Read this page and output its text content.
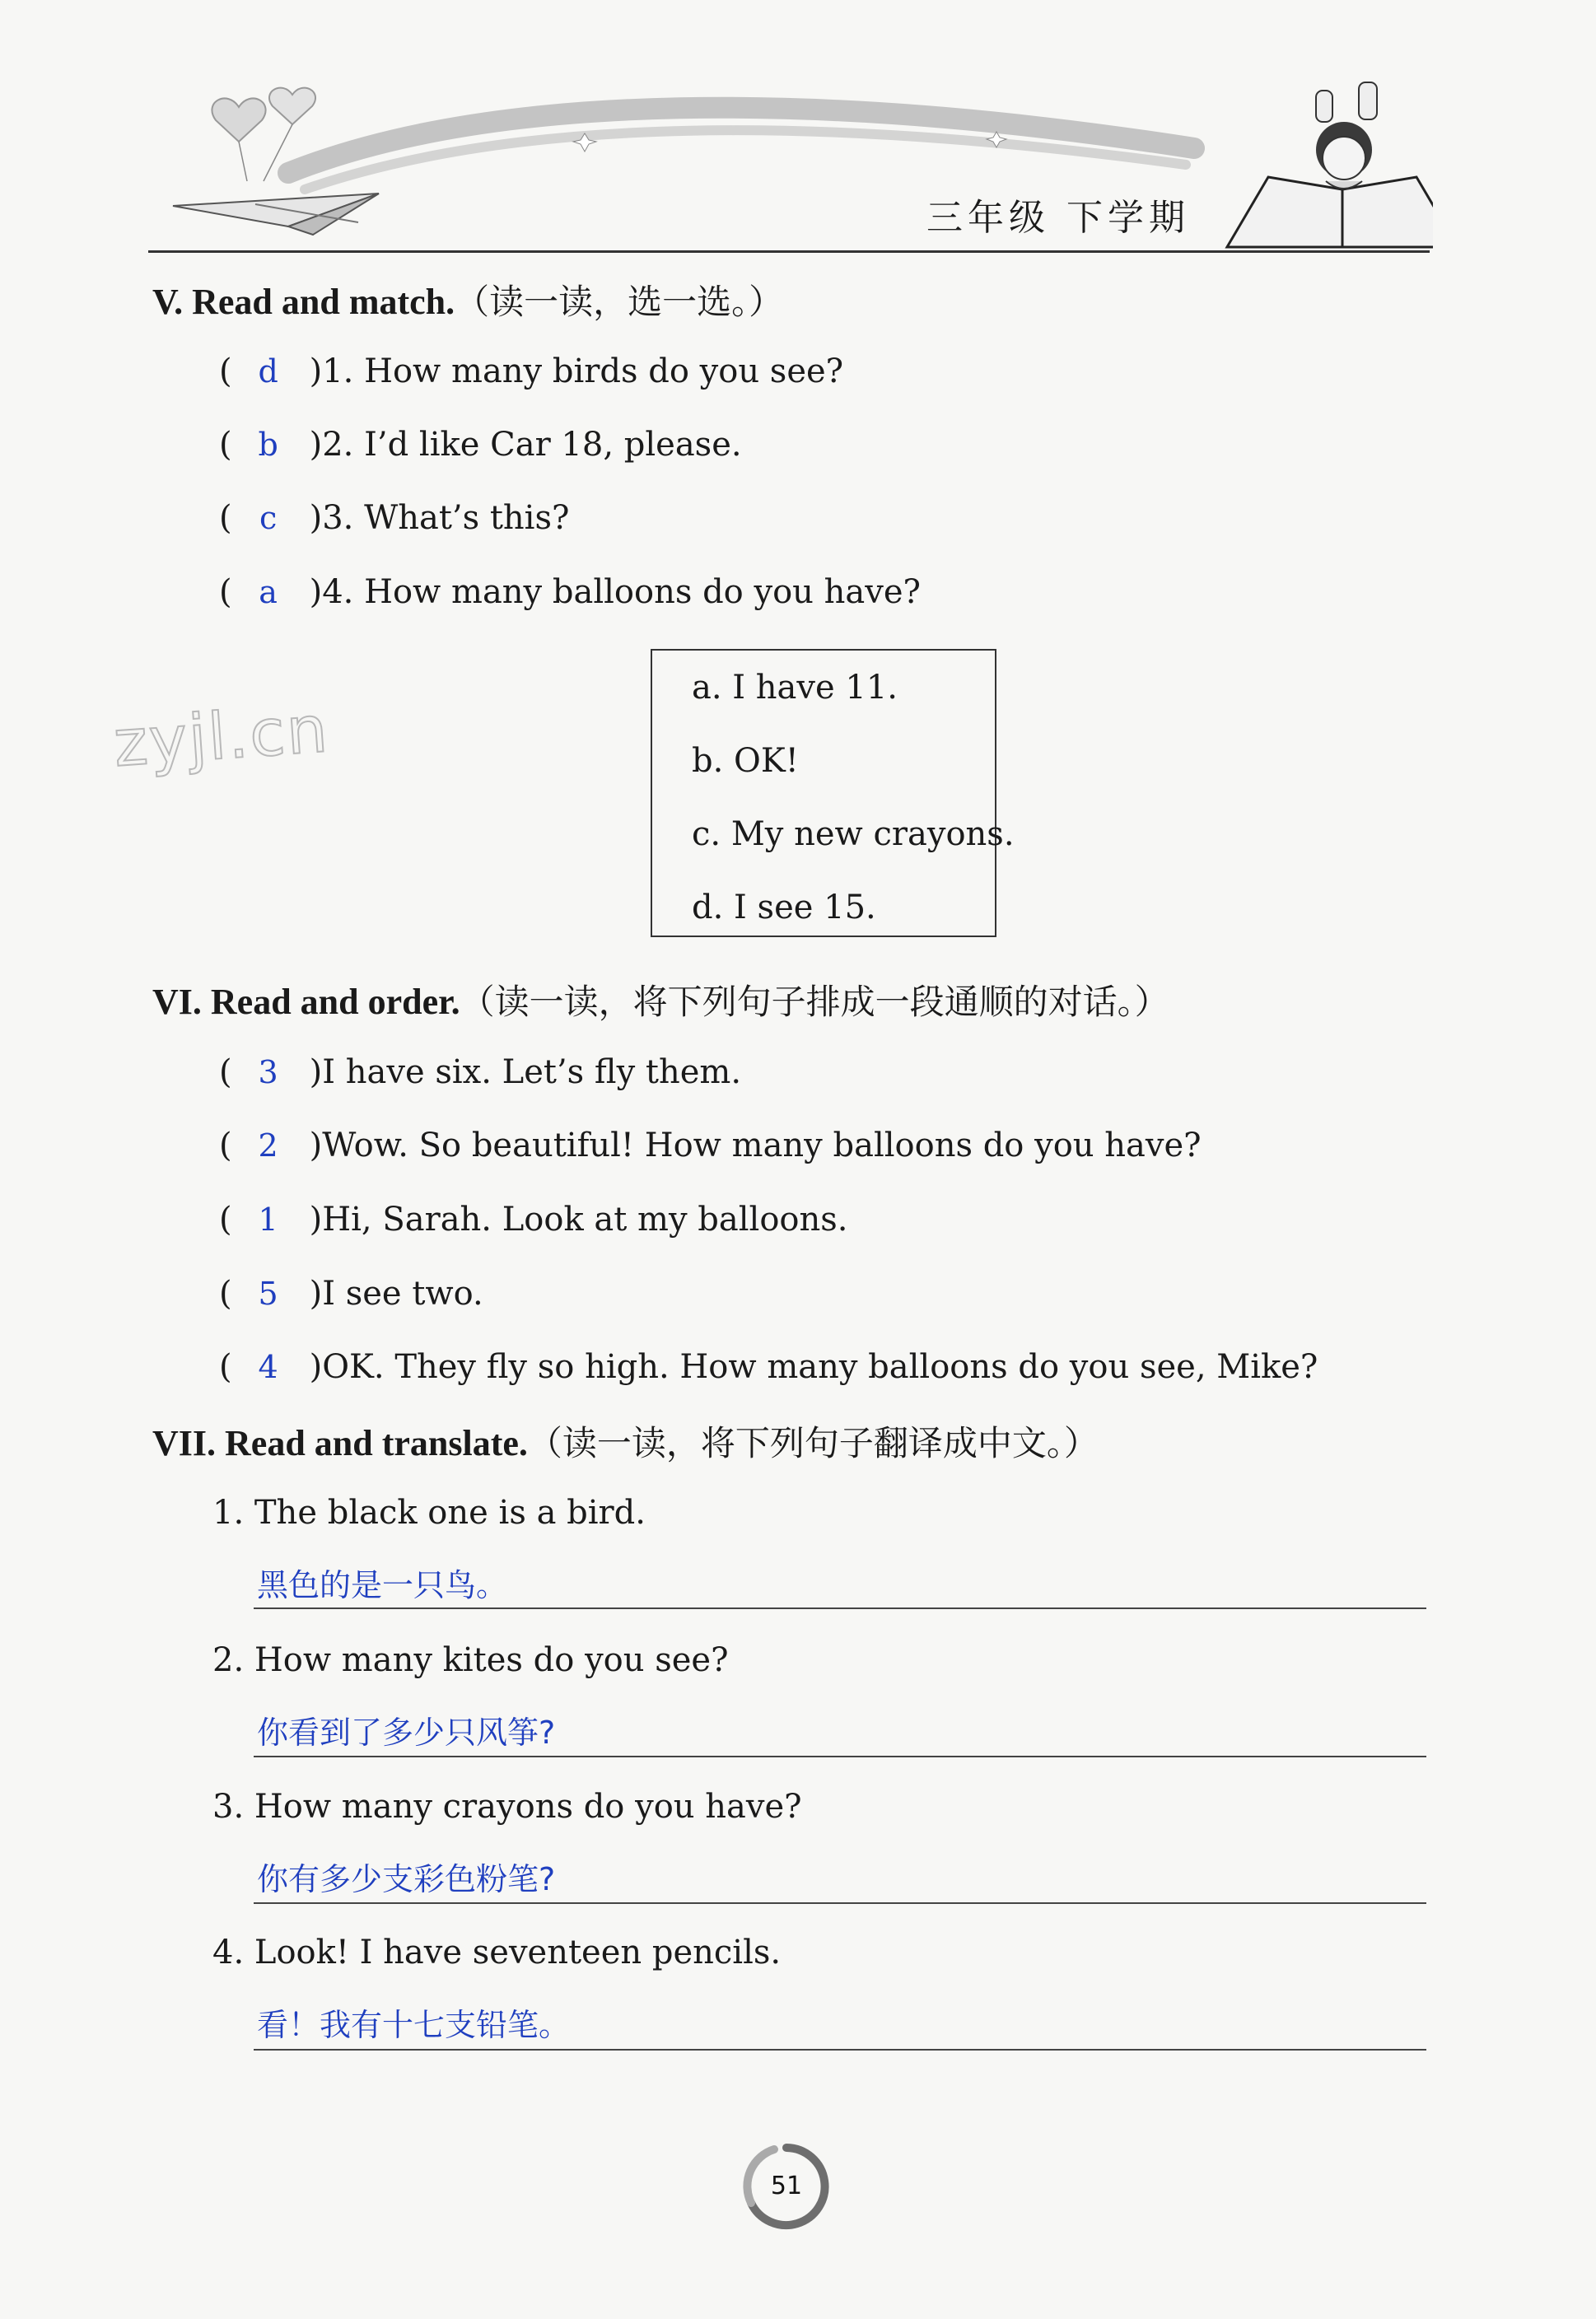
三年级 下学期
zyjl.cn
V. Read and match.（读一读，选一选。）
( d )1. How many birds do you see?
( b )2. I’d like Car 18, please.
( c )3. What’s this?
( a )4. How many balloons do you have?
a. I have 11.
b. OK!
c. My new crayons.
d. I see 15.
VI. Read and order.（读一读，将下列句子排成一段通顺的对话。）
( 3 )I have six. Let’s fly them.
( 2 )Wow. So beautiful! How many balloons do you have?
( 1 )Hi, Sarah. Look at my balloons.
( 5 )I see two.
( 4 )OK. They fly so high. How many balloons do you see, Mike?
VII. Read and translate.（读一读，将下列句子翻译成中文。）
1. The black one is a bird.
黑色的是一只鸟。
2. How many kites do you see?
你看到了多少只风筝?
3. How many crayons do you have?
你有多少支彩色粉笔?
4. Look! I have seventeen pencils.
看！我有十七支铅笔。
51
